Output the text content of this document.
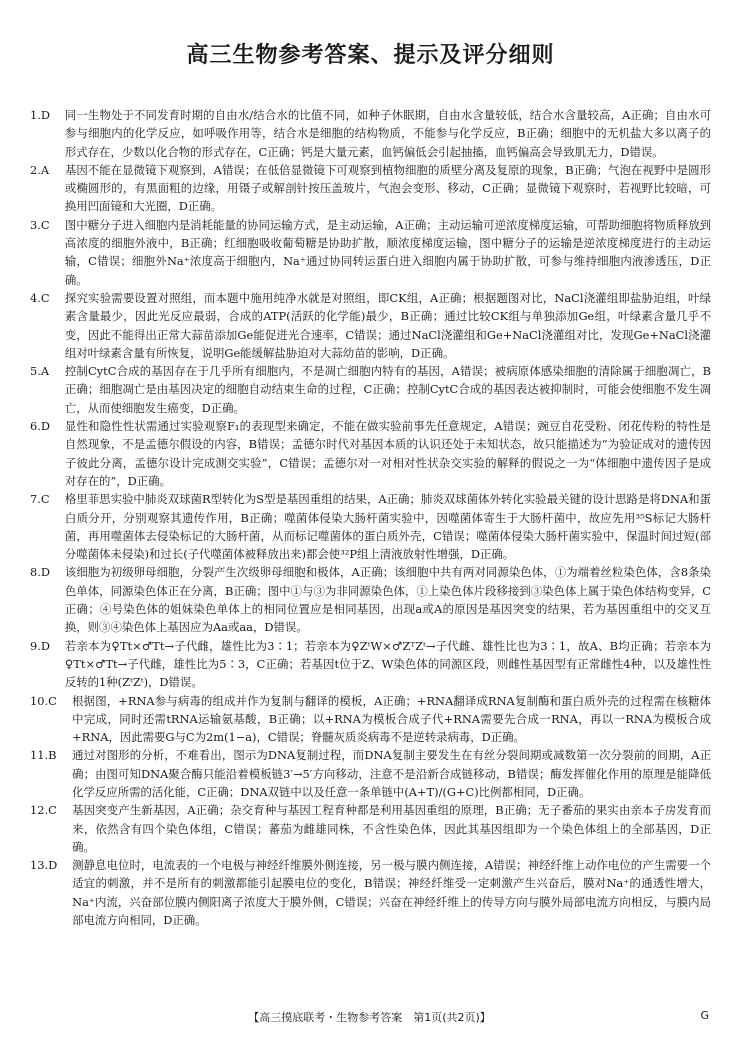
高三生物参考答案、提示及评分细则
1. D	同一生物处于不同发育时期的自由水/结合水的比值不同，如种子休眠期，自由水含量较低，结合水含量较高，A正确；自由水可参与细胞内的化学反应，如呼吸作用等，结合水是细胞的结构物质，不能参与化学反应，B正确；细胞中的无机盐大多以离子的形式存在，少数以化合物的形式存在，C正确；钙是大量元素，血钙偏低会引起抽搐，血钙偏高会导致肌无力，D错误。
2. A	基因不能在显微镜下观察到，A错误；在低倍显微镜下可观察到植物细胞的质壁分离及复原的现象，B正确；气泡在视野中是圆形或椭圆形的，有黑面粗的边缘，用镊子或解剖针按压盖玻片，气泡会变形、移动，C正确；显微镜下观察时，若视野比较暗，可换用凹面镜和大光圈，D正确。
3. C	图中糖分子进入细胞内是消耗能量的协同运输方式，是主动运输，A正确；主动运输可逆浓度梯度运输，可帮助细胞将物质释放到高浓度的细胞外液中，B正确；红细胞吸收葡萄糖是协助扩散，顺浓度梯度运输，图中糖分子的运输是逆浓度梯度进行的主动运输，C错误；细胞外Na⁺浓度高于细胞内，Na⁺通过协同转运蛋白进入细胞内属于协助扩散，可参与维持细胞内液渗透压，D正确。
4. C	探究实验需要设置对照组，而本题中施用纯净水就是对照组，即CK组，A正确；根据题图对比，NaCl浇灌组即盐胁迫组，叶绿素含量最少，因此光反应最弱，合成的ATP(活跃的化学能)最少，B正确；通过比较CK组与单独添加Ge组，叶绿素含量几乎不变，因此不能得出正常大蒜苗添加Ge能促进光合速率，C错误；通过NaCl浇灌组和Ge+NaCl浇灌组对比，发现Ge+NaCl浇灌组对叶绿素含量有所恢复，说明Ge能缓解盐胁迫对大蒜幼苗的影响，D正确。
5. A	控制CytC合成的基因存在于几乎所有细胞内，不是凋亡细胞内特有的基因，A错误；被病原体感染细胞的清除属于细胞凋亡，B正确；细胞凋亡是由基因决定的细胞自动结束生命的过程，C正确；控制CytC合成的基因表达被抑制时，可能会使细胞不发生凋亡，从而使细胞发生癌变，D正确。
6. D	显性和隐性性状需通过实验观察F₁的表现型来确定，不能在做实验前事先任意规定，A错误；豌豆自花受粉、闭花传粉的特性是自然现象，不是孟德尔假设的内容，B错误；孟德尔时代对基因本质的认识还处于未知状态，故只能描述为“为验证成对的遗传因子彼此分离，孟德尔设计完成测交实验”，C错误；孟德尔对一对相对性状杂交实验的解释的假说之一为“体细胞中遗传因子是成对存在的”，D正确。
7. C	格里菲思实验中肺炎双球菌R型转化为S型是基因重组的结果，A正确；肺炎双球菌体外转化实验最关键的设计思路是将DNA和蛋白质分开，分别观察其遗传作用，B正确；噬菌体侵染大肠杆菌实验中，因噬菌体寄生于大肠杆菌中，故应先用³⁵S标记大肠杆菌，再用噬菌体去侵染标记的大肠杆菌，从而标记噬菌体的蛋白质外壳，C错误；噬菌体侵染大肠杆菌实验中，保温时间过短(部分噬菌体未侵染)和过长(子代噬菌体被释放出来)都会使³²P组上清液放射性增强，D正确。
8. D	该细胞为初级卵母细胞，分裂产生次级卵母细胞和极体，A正确；该细胞中共有两对同源染色体，①为端着丝粒染色体，含8条染色单体，同源染色体正在分离，B正确；图中①与③为非同源染色体，①上染色体片段移接到③染色体上属于染色体结构变异，C正确；④号染色体的姐妹染色单体上的相同位置应是相同基因，出现a或A的原因是基因突变的结果，若为基因重组中的交叉互换，则③④染色体上基因应为Aa或aa，D错误。
9. D	若亲本为♀Tt×♂Tt→子代雌，雄性比为3∶1；若亲本为♀ZᵗW×♂ZᵀZᵗ→子代雌、雄性比也为3∶1，故A、B均正确；若亲本为♀Tt×♂Tt→子代雌，雄性比为5∶3，C正确；若基因t位于Z、W染色体的同源区段，则雌性基因型有正常雌性4种，以及雄性性反转的1种(ZᵗZᵗ)，D错误。
10. C	根据图，+RNA参与病毒的组成并作为复制与翻译的模板，A正确；+RNA翻译成RNA复制酶和蛋白质外壳的过程需在核糖体中完成，同时还需tRNA运输氨基酸，B正确；以+RNA为模板合成子代+RNA需要先合成一RNA，再以一RNA为模板合成+RNA，因此需要G与C为2m(1−a)，C错误；脊髓灰质炎病毒不是逆转录病毒，D正确。
11. B	通过对图形的分析，不难看出，图示为DNA复制过程，而DNA复制主要发生在有丝分裂间期或减数第一次分裂前的间期，A正确；由图可知DNA聚合酶只能沿着模板链3′→5′方向移动，注意不是沿新合成链移动，B错误；酶发挥催化作用的原理是能降低化学反应所需的活化能，C正确；DNA双链中以及任意一条单链中(A+T)/(G+C)比例都相同，D正确。
12. C	基因突变产生新基因，A正确；杂交育种与基因工程育种都是利用基因重组的原理，B正确；无子番茄的果实由亲本子房发育而来，依然含有四个染色体组，C错误；蕃茄为雌雄同株，不含性染色体，因此其基因组即为一个染色体组上的全部基因，D正确。
13. D	测静息电位时，电流表的一个电极与神经纤维膜外侧连接，另一极与膜内侧连接，A错误；神经纤维上动作电位的产生需要一个适宜的刺激，并不是所有的刺激都能引起膜电位的变化，B错误；神经纤维受一定刺激产生兴奋后，膜对Na⁺的通透性增大，Na⁺内流，兴奋部位膜内侧阳离子浓度大于膜外侧，C错误；兴奋在神经纤维上的传导方向与膜外局部电流方向相反，与膜内局部电流方向相同，D正确。
【高三摸底联考・生物参考答案　第1页(共2页)】	G
